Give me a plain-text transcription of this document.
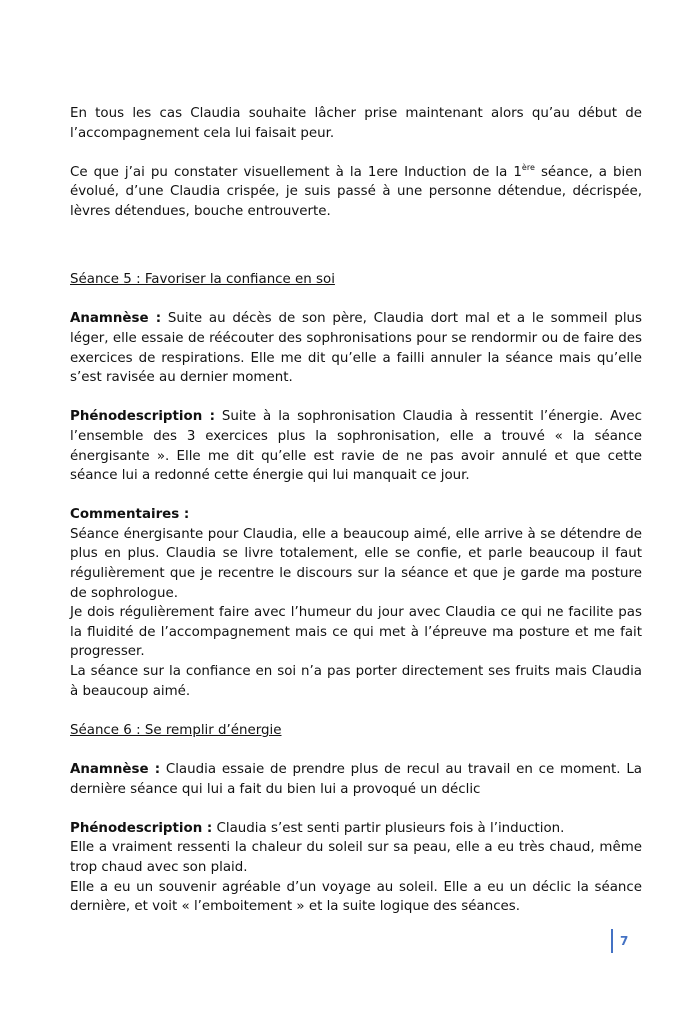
En tous les cas Claudia souhaite lâcher prise maintenant alors qu’au début de l’accompagnement cela lui faisait peur.

Ce que j’ai pu constater visuellement à la 1ere Induction de la 1ère séance, a bien évolué, d’une Claudia crispée, je suis passé à une personne détendue, décrispée, lèvres détendues, bouche entrouverte.

Séance 5 : Favoriser la confiance en soi

Anamnèse : Suite au décès de son père, Claudia dort mal et a le sommeil plus léger, elle essaie de réécouter des sophronisations pour se rendormir ou de faire des exercices de respirations. Elle me dit qu’elle a failli annuler la séance mais qu’elle s’est ravisée au dernier moment.

Phénodescription : Suite à la sophronisation Claudia à ressentit l’énergie. Avec l’ensemble des 3 exercices plus la sophronisation, elle a trouvé « la séance énergisante ». Elle me dit qu’elle est ravie de ne pas avoir annulé et que cette séance lui a redonné cette énergie qui lui manquait ce jour.

Commentaires :

Séance énergisante pour Claudia, elle a beaucoup aimé, elle arrive à se détendre de plus en plus. Claudia se livre totalement, elle se confie, et parle beaucoup il faut régulièrement que je recentre le discours sur la séance et que je garde ma posture de sophrologue.

Je dois régulièrement faire avec l’humeur du jour avec Claudia ce qui ne facilite pas la fluidité de l’accompagnement mais ce qui met à l’épreuve ma posture et me fait progresser.

La séance sur la confiance en soi n’a pas porter directement ses fruits mais Claudia à beaucoup aimé.

Séance 6 : Se remplir d’énergie

Anamnèse : Claudia essaie de prendre plus de recul au travail en ce moment. La dernière séance qui lui a fait du bien lui a provoqué un déclic

Phénodescription : Claudia s’est senti partir plusieurs fois à l’induction.

Elle a vraiment ressenti la chaleur du soleil sur sa peau, elle a eu très chaud, même trop chaud avec son plaid.

Elle a eu un souvenir agréable d’un voyage au soleil. Elle a eu un déclic la séance dernière, et voit « l’emboitement » et la suite logique des séances.

7
